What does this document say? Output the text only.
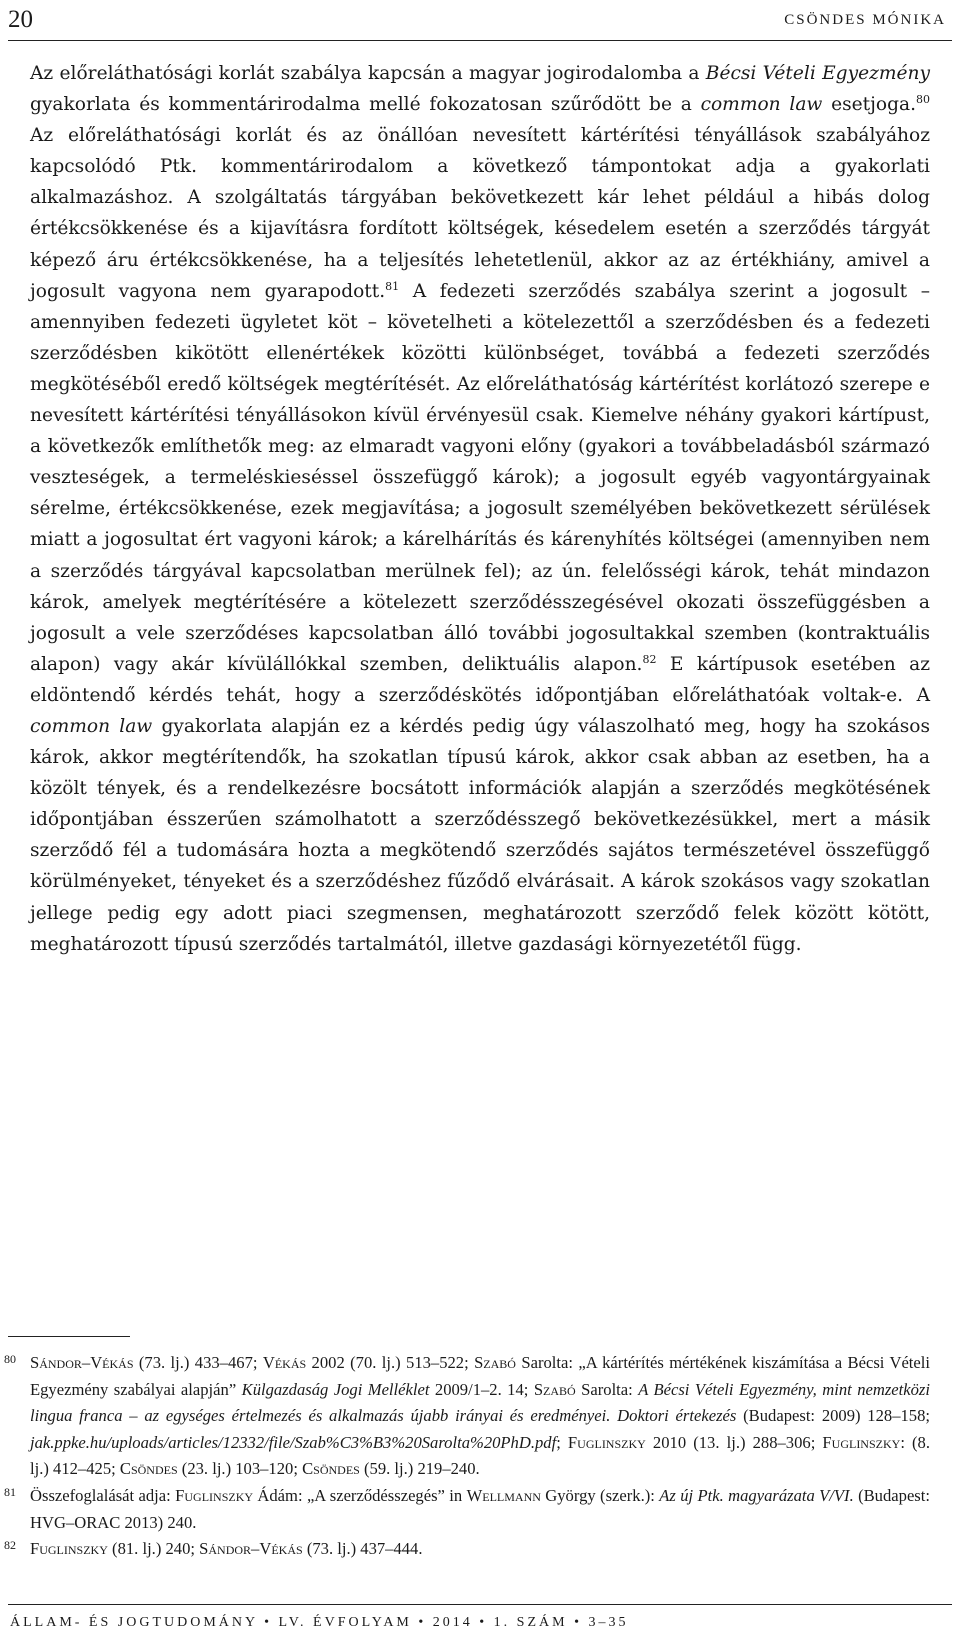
20	CSÖNDES MÓNIKA

Az előreláthatósági korlát szabálya kapcsán a magyar jogirodalomba a Bécsi Vételi Egyezmény gyakorlata és kommentárirodalma mellé fokozatosan szűrődött be a common law esetjoga.$^{80}$ Az előreláthatósági korlát és az önállóan nevesített kártérítési tényállások szabályához kapcsolódó Ptk. kommentárirodalom a következő támpontokat adja a gyakorlati alkalmazáshoz. A szolgáltatás tárgyában bekövetkezett kár lehet például a hibás dolog értékcsökkenése és a kijavításra fordított költségek, késedelem esetén a szerződés tárgyát képező áru értékcsökkenése, ha a teljesítés lehetetlenül, akkor az az értékhiány, amivel a jogosult vagyona nem gyarapodott.$^{81}$ A fedezeti szerződés szabálya szerint a jogosult – amennyiben fedezeti ügyletet köt – követelheti a kötelezettől a szerződésben és a fedezeti szerződésben kikötött ellenértékek közötti különbséget, továbbá a fedezeti szerződés megkötéséből eredő költségek megtérítését. Az előreláthatóság kártérítést korlátozó szerepe e nevesített kártérítési tényállásokon kívül érvényesül csak. Kiemelve néhány gyakori kártípust, a következők említhetők meg: az elmaradt vagyoni előny (gyakori a továbbeladásból származó veszteségek, a termeléskieséssel összefüggő károk); a jogosult egyéb vagyontárgyainak sérelme, értékcsökkenése, ezek megjavítása; a jogosult személyében bekövetkezett sérülések miatt a jogosultat ért vagyoni károk; a kárelhárítás és kárenyhítés költségei (amennyiben nem a szerződés tárgyával kapcsolatban merülnek fel); az ún. felelősségi károk, tehát mindazon károk, amelyek megtérítésére a kötelezett szerződésszegésével okozati összefüggésben a jogosult a vele szerződéses kapcsolatban álló további jogosultakkal szemben (kontraktuális alapon) vagy akár kívülállókkal szemben, deliktuális alapon.$^{82}$ E kártípusok esetében az eldöntendő kérdés tehát, hogy a szerződéskötés időpontjában előreláthatóak voltak-e. A common law gyakorlata alapján ez a kérdés pedig úgy válaszolható meg, hogy ha szokásos károk, akkor megtérítendők, ha szokatlan típusú károk, akkor csak abban az esetben, ha a közölt tények, és a rendelkezésre bocsátott információk alapján a szerződés megkötésének időpontjában ésszerűen számolhatott a szerződésszegő bekövetkezésükkel, mert a másik szerződő fél a tudomására hozta a megkötendő szerződés sajátos természetével összefüggő körülményeket, tényeket és a szerződéshez fűződő elvárásait. A károk szokásos vagy szokatlan jellege pedig egy adott piaci szegmensen, meghatározott szerződő felek között kötött, meghatározott típusú szerződés tartalmától, illetve gazdasági környezetétől függ.

80 Sándor–Vékás (73. lj.) 433–467; Vékás 2002 (70. lj.) 513–522; Szabó Sarolta: „A kártérítés mértékének kiszámítása a Bécsi Vételi Egyezmény szabályai alapján” Külgazdaság Jogi Melléklet 2009/1–2. 14; Szabó Sarolta: A Bécsi Vételi Egyezmény, mint nemzetközi lingua franca – az egységes értelmezés és alkalmazás újabb irányai és eredményei. Doktori értekezés (Budapest: 2009) 128–158; jak.ppke.hu/uploads/articles/12332/file/Szab%C3%B3%20Sarolta%20PhD.pdf; Fuglinszky 2010 (13. lj.) 288–306; Fuglinszky: (8. lj.) 412–425; Csöndes (23. lj.) 103–120; Csöndes (59. lj.) 219–240.
81 Összefoglalását adja: Fuglinszky Ádám: „A szerződésszegés” in Wellmann György (szerk.): Az új Ptk. magyarázata V/VI. (Budapest: HVG–ORAC 2013) 240.
82 Fuglinszky (81. lj.) 240; Sándor–Vékás (73. lj.) 437–444.
ÁLLAM- ÉS JOGTUDOMÁNY • LV. ÉVFOLYAM • 2014 • 1. SZÁM • 3–35
